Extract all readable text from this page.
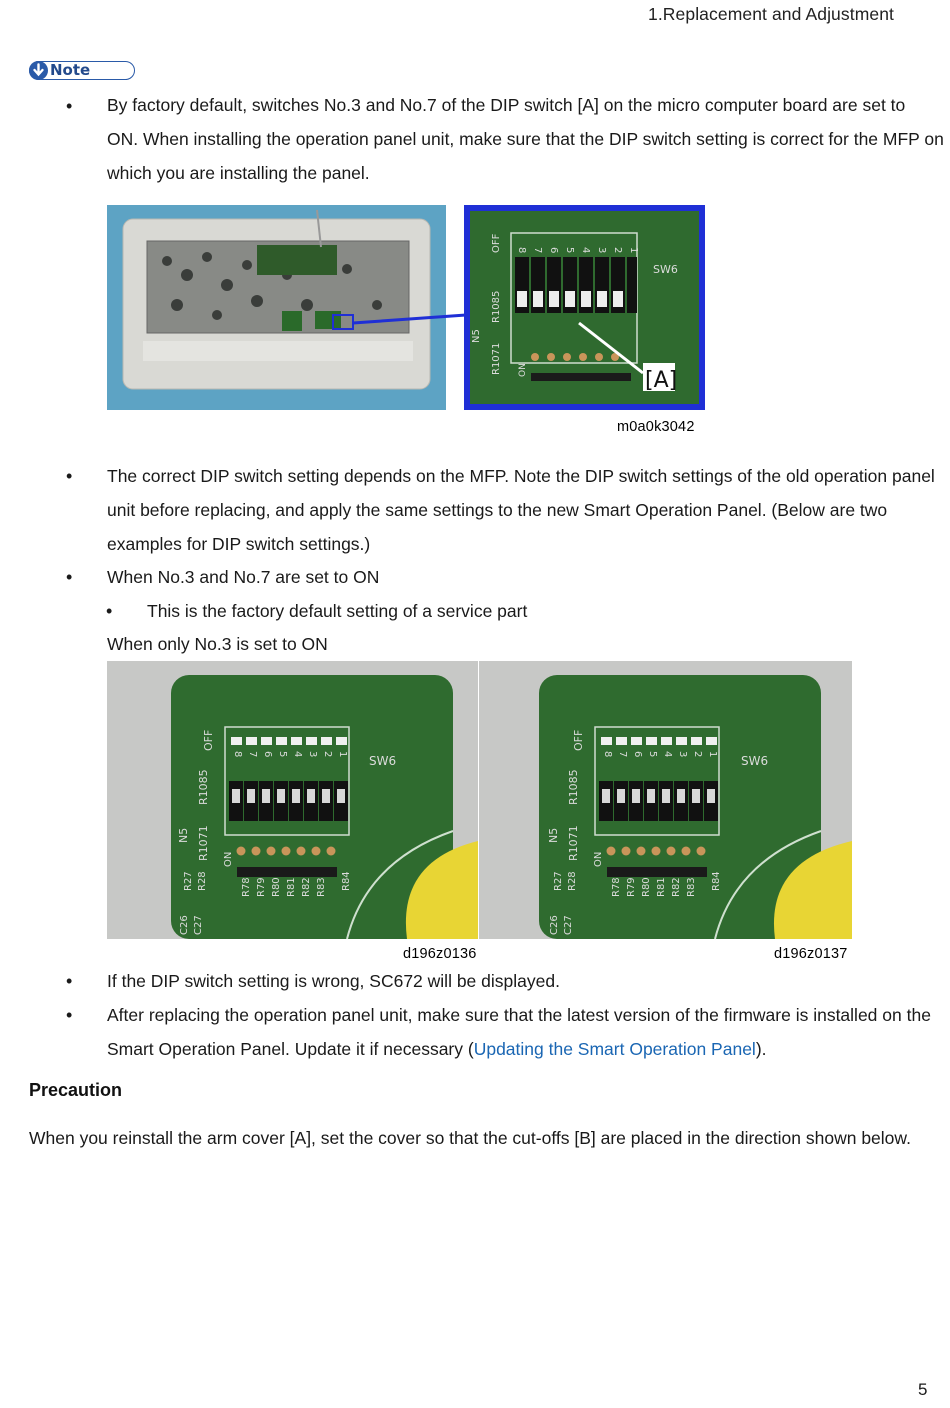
1.Replacement and Adjustment
Note
• By factory default, switches No.3 and No.7 of the DIP switch [A] on the micro computer board are set to
ON. When installing the operation panel unit, make sure that the DIP switch setting is correct for the MFP on
which you are installing the panel.
8 7 6 5 4 3 2 1
SW6
OFF
R1085
R1071
N5
ON	[A]
m0a0k3042
• The correct DIP switch setting depends on the MFP. Note the DIP switch settings of the old operation panel
unit before replacing, and apply the same settings to the new Smart Operation Panel. (Below are two
examples for DIP switch settings.)
• When No.3 and No.7 are set to ON
• This is the factory default setting of a service part
When only No.3 is set to ON
8 7 6 5 4 3 2 1 SW6
OFF
R1085
R1071
N5
ON
R78 R79 R80 R81 R82 R83 R84
R27 R28
C26 C27
8 7 6 5 4 3 2 1 SW6
OFF
R1085
R1071
N5
ON
R78 R79 R80 R81 R82 R83 R84
R27 R28
C26 C27
d196z0136	d196z0137
• If the DIP switch setting is wrong, SC672 will be displayed.
• After replacing the operation panel unit, make sure that the latest version of the firmware is installed on the
Smart Operation Panel. Update it if necessary (Updating the Smart Operation Panel).
Precaution
When you reinstall the arm cover [A], set the cover so that the cut-offs [B] are placed in the direction shown below.
5
